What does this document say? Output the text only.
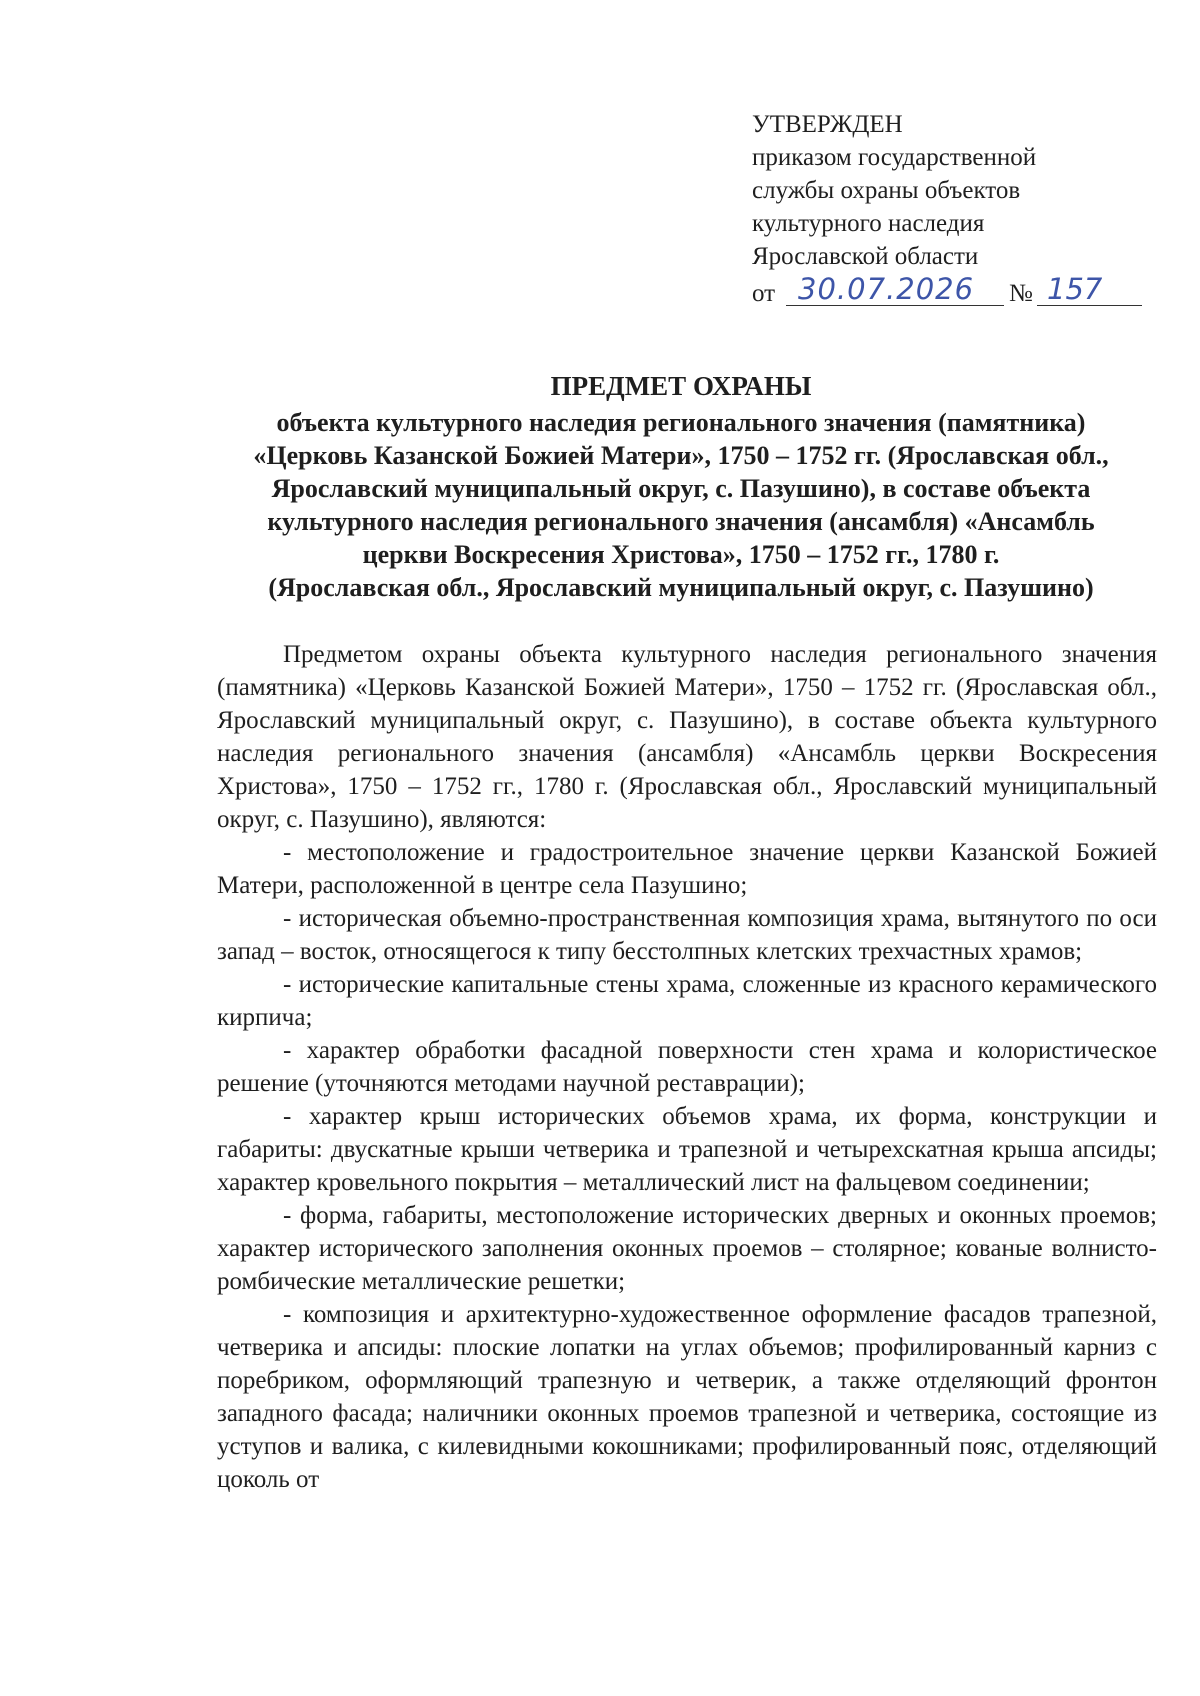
УТВЕРЖДЕН
приказом государственной
службы охраны объектов
культурного наследия
Ярославской области
от 30.07.2026 № 157
ПРЕДМЕТ ОХРАНЫ
объекта культурного наследия регионального значения (памятника)
«Церковь Казанской Божией Матери», 1750 – 1752 гг. (Ярославская обл.,
Ярославский муниципальный округ, с. Пазушино), в составе объекта
культурного наследия регионального значения (ансамбля) «Ансамбль
церкви Воскресения Христова», 1750 – 1752 гг., 1780 г.
(Ярославская обл., Ярославский муниципальный округ, с. Пазушино)

Предметом охраны объекта культурного наследия регионального значения (памятника) «Церковь Казанской Божией Матери», 1750 – 1752 гг. (Ярославская обл., Ярославский муниципальный округ, с. Пазушино), в составе объекта культурного наследия регионального значения (ансамбля) «Ансамбль церкви Воскресения Христова», 1750 – 1752 гг., 1780 г. (Ярославская обл., Ярославский муниципальный округ, с. Пазушино), являются:

- местоположение и градостроительное значение церкви Казанской Божией Матери, расположенной в центре села Пазушино;

- историческая объемно-пространственная композиция храма, вытянутого по оси запад – восток, относящегося к типу бесстолпных клетских трехчастных храмов;

- исторические капитальные стены храма, сложенные из красного керамического кирпича;

- характер обработки фасадной поверхности стен храма и колористическое решение (уточняются методами научной реставрации);

- характер крыш исторических объемов храма, их форма, конструкции и габариты: двускатные крыши четверика и трапезной и четырехскатная крыша апсиды; характер кровельного покрытия – металлический лист на фальцевом соединении;

- форма, габариты, местоположение исторических дверных и оконных проемов; характер исторического заполнения оконных проемов – столярное; кованые волнисто-ромбические металлические решетки;

- композиция и архитектурно-художественное оформление фасадов трапезной, четверика и апсиды: плоские лопатки на углах объемов; профилированный карниз с поребриком, оформляющий трапезную и четверик, а также отделяющий фронтон западного фасада; наличники оконных проемов трапезной и четверика, состоящие из уступов и валика, с килевидными кокошниками; профилированный пояс, отделяющий цоколь от
